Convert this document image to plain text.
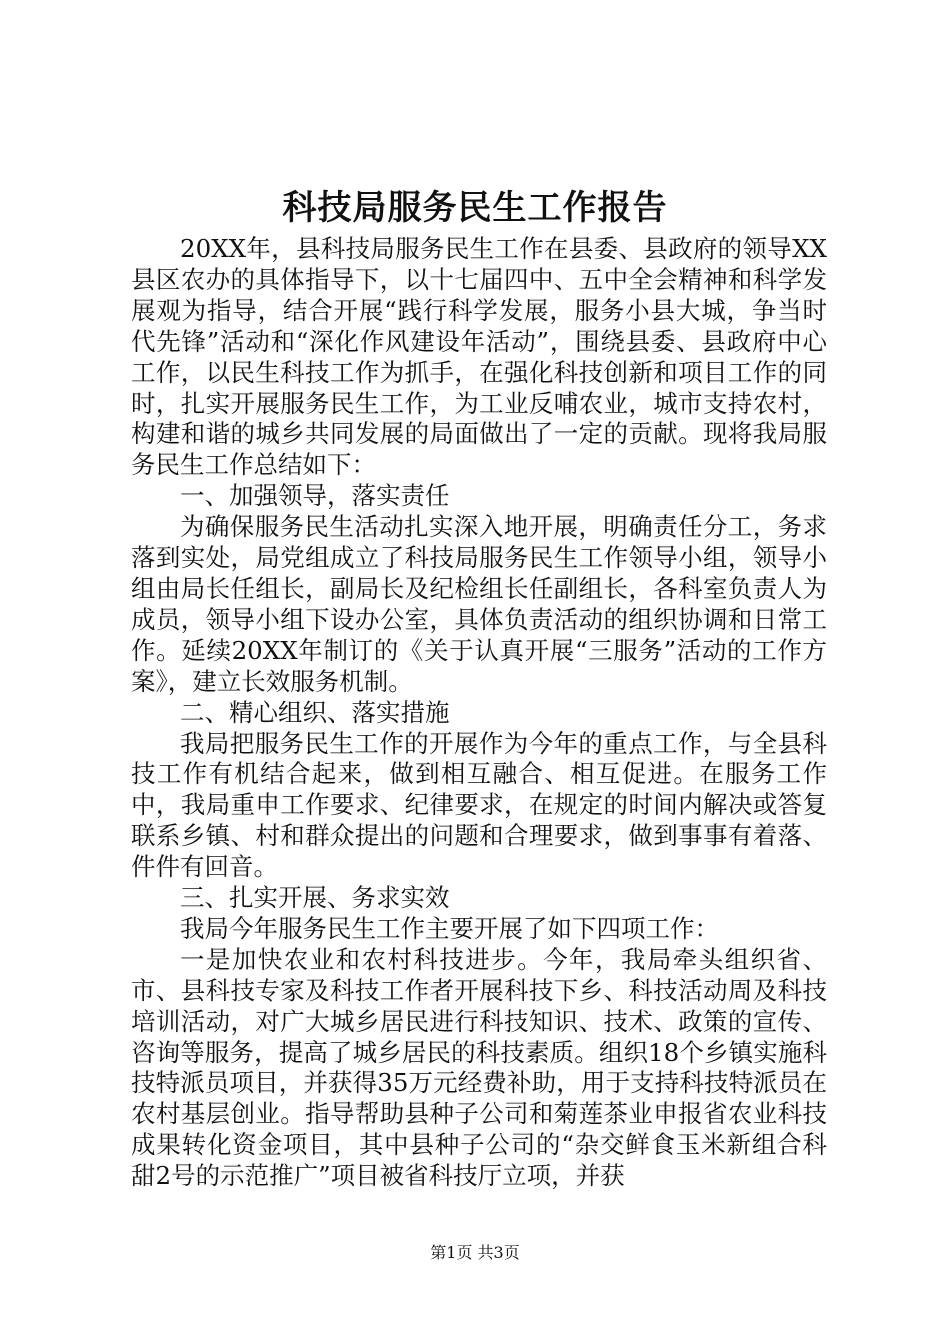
科技局服务民生工作报告

20XX年，县科技局服务民生工作在县委、县政府的领导XX县区农办的具体指导下，以十七届四中、五中全会精神和科学发展观为指导，结合开展“践行科学发展，服务小县大城，争当时代先锋”活动和“深化作风建设年活动”，围绕县委、县政府中心工作，以民生科技工作为抓手，在强化科技创新和项目工作的同时，扎实开展服务民生工作，为工业反哺农业，城市支持农村，构建和谐的城乡共同发展的局面做出了一定的贡献。现将我局服务民生工作总结如下：

一、加强领导，落实责任

为确保服务民生活动扎实深入地开展，明确责任分工，务求落到实处，局党组成立了科技局服务民生工作领导小组，领导小组由局长任组长，副局长及纪检组长任副组长，各科室负责人为成员，领导小组下设办公室，具体负责活动的组织协调和日常工作。延续20XX年制订的《关于认真开展“三服务”活动的工作方案》，建立长效服务机制。

二、精心组织、落实措施

我局把服务民生工作的开展作为今年的重点工作，与全县科技工作有机结合起来，做到相互融合、相互促进。在服务工作中，我局重申工作要求、纪律要求，在规定的时间内解决或答复联系乡镇、村和群众提出的问题和合理要求，做到事事有着落、件件有回音。

三、扎实开展、务求实效

我局今年服务民生工作主要开展了如下四项工作：

一是加快农业和农村科技进步。今年，我局牵头组织省、市、县科技专家及科技工作者开展科技下乡、科技活动周及科技培训活动，对广大城乡居民进行科技知识、技术、政策的宣传、咨询等服务，提高了城乡居民的科技素质。组织18个乡镇实施科技特派员项目，并获得35万元经费补助，用于支持科技特派员在农村基层创业。指导帮助县种子公司和菊莲茶业申报省农业科技成果转化资金项目，其中县种子公司的“杂交鲜食玉米新组合科甜2号的示范推广”项目被省科技厅立项，并获

第1页 共3页
